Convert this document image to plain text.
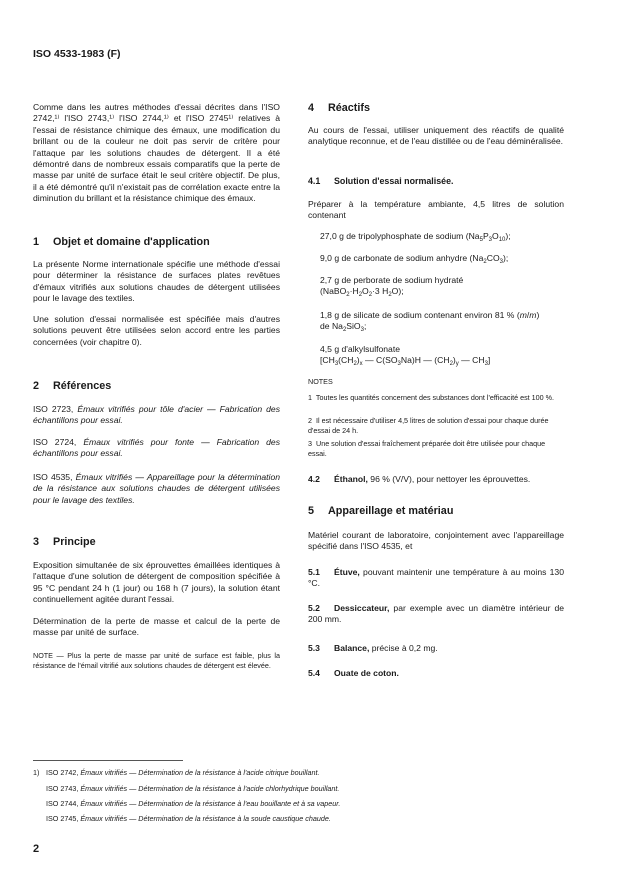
ISO 4533-1983 (F)
Comme dans les autres méthodes d'essai décrites dans l'ISO 2742,¹⁾ l'ISO 2743,¹⁾ l'ISO 2744,¹⁾ et l'ISO 2745¹⁾ relatives à l'essai de résistance chimique des émaux, une modification du brillant ou de la couleur ne doit pas servir de critère pour l'attaque par les solutions chaudes de détergent. Il a été démontré dans de nombreux essais comparatifs que la perte de masse par unité de surface était le seul critère objectif. De plus, il a été démontré qu'il n'existait pas de corrélation exacte entre la diminution du brillant et la résistance chimique des émaux.
1 Objet et domaine d'application
La présente Norme internationale spécifie une méthode d'essai pour déterminer la résistance de surfaces plates revêtues d'émaux vitrifiés aux solutions chaudes de détergent utilisées pour le lavage des textiles.
Une solution d'essai normalisée est spécifiée mais d'autres solutions peuvent être utilisées selon accord entre les parties concernées (voir chapitre 0).
2 Références
ISO 2723, Émaux vitrifiés pour tôle d'acier — Fabrication des échantillons pour essai.
ISO 2724, Émaux vitrifiés pour fonte — Fabrication des échantillons pour essai.
ISO 4535, Émaux vitrifiés — Appareillage pour la détermination de la résistance aux solutions chaudes de détergent utilisées pour le lavage des textiles.
3 Principe
Exposition simultanée de six éprouvettes émaillées identiques à l'attaque d'une solution de détergent de composition spécifiée à 95 °C pendant 24 h (1 jour) ou 168 h (7 jours), la solution étant continuellement agitée durant l'essai.
Détermination de la perte de masse et calcul de la perte de masse par unité de surface.
NOTE — Plus la perte de masse par unité de surface est faible, plus la résistance de l'émail vitrifié aux solutions chaudes de détergent est élevée.
4 Réactifs
Au cours de l'essai, utiliser uniquement des réactifs de qualité analytique reconnue, et de l'eau distillée ou de l'eau déminéralisée.
4.1 Solution d'essai normalisée.
Préparer à la température ambiante, 4,5 litres de solution contenant
27,0 g de tripolyphosphate de sodium $(Na_5P_3O_{10})$;
9,0 g de carbonate de sodium anhydre $(Na_2CO_3)$;
2,7 g de perborate de sodium hydraté
($NaBO_2\cdot H_2O_2\cdot 3$ $H_2O$);
1,8 g de silicate de sodium contenant environ 81 % (m/m)
de $Na_2SiO_3$;
4,5 g d'alkylsulfonate
[$CH_3(CH_2)_x$ — $C(SO_3Na)H$ — $(CH_2)_y$ — $CH_3$]
NOTES
1 Toutes les quantités concernent des substances dont l'efficacité est 100 %.
2 Il est nécessaire d'utiliser 4,5 litres de solution d'essai pour chaque durée d'essai de 24 h.
3 Une solution d'essai fraîchement préparée doit être utilisée pour chaque essai.
4.2 Éthanol, 96 % (V/V), pour nettoyer les éprouvettes.
5 Appareillage et matériau
Matériel courant de laboratoire, conjointement avec l'appareillage spécifié dans l'ISO 4535, et
5.1 Étuve, pouvant maintenir une température à au moins 130 °C.
5.2 Dessiccateur, par exemple avec un diamètre intérieur de 200 mm.
5.3 Balance, précise à 0,2 mg.
5.4 Ouate de coton.
1) ISO 2742, Émaux vitrifiés — Détermination de la résistance à l'acide citrique bouillant.
ISO 2743, Émaux vitrifiés — Détermination de la résistance à l'acide chlorhydrique bouillant.
ISO 2744, Émaux vitrifiés — Détermination de la résistance à l'eau bouillante et à sa vapeur.
ISO 2745, Émaux vitrifiés — Détermination de la résistance à la soude caustique chaude.
2
